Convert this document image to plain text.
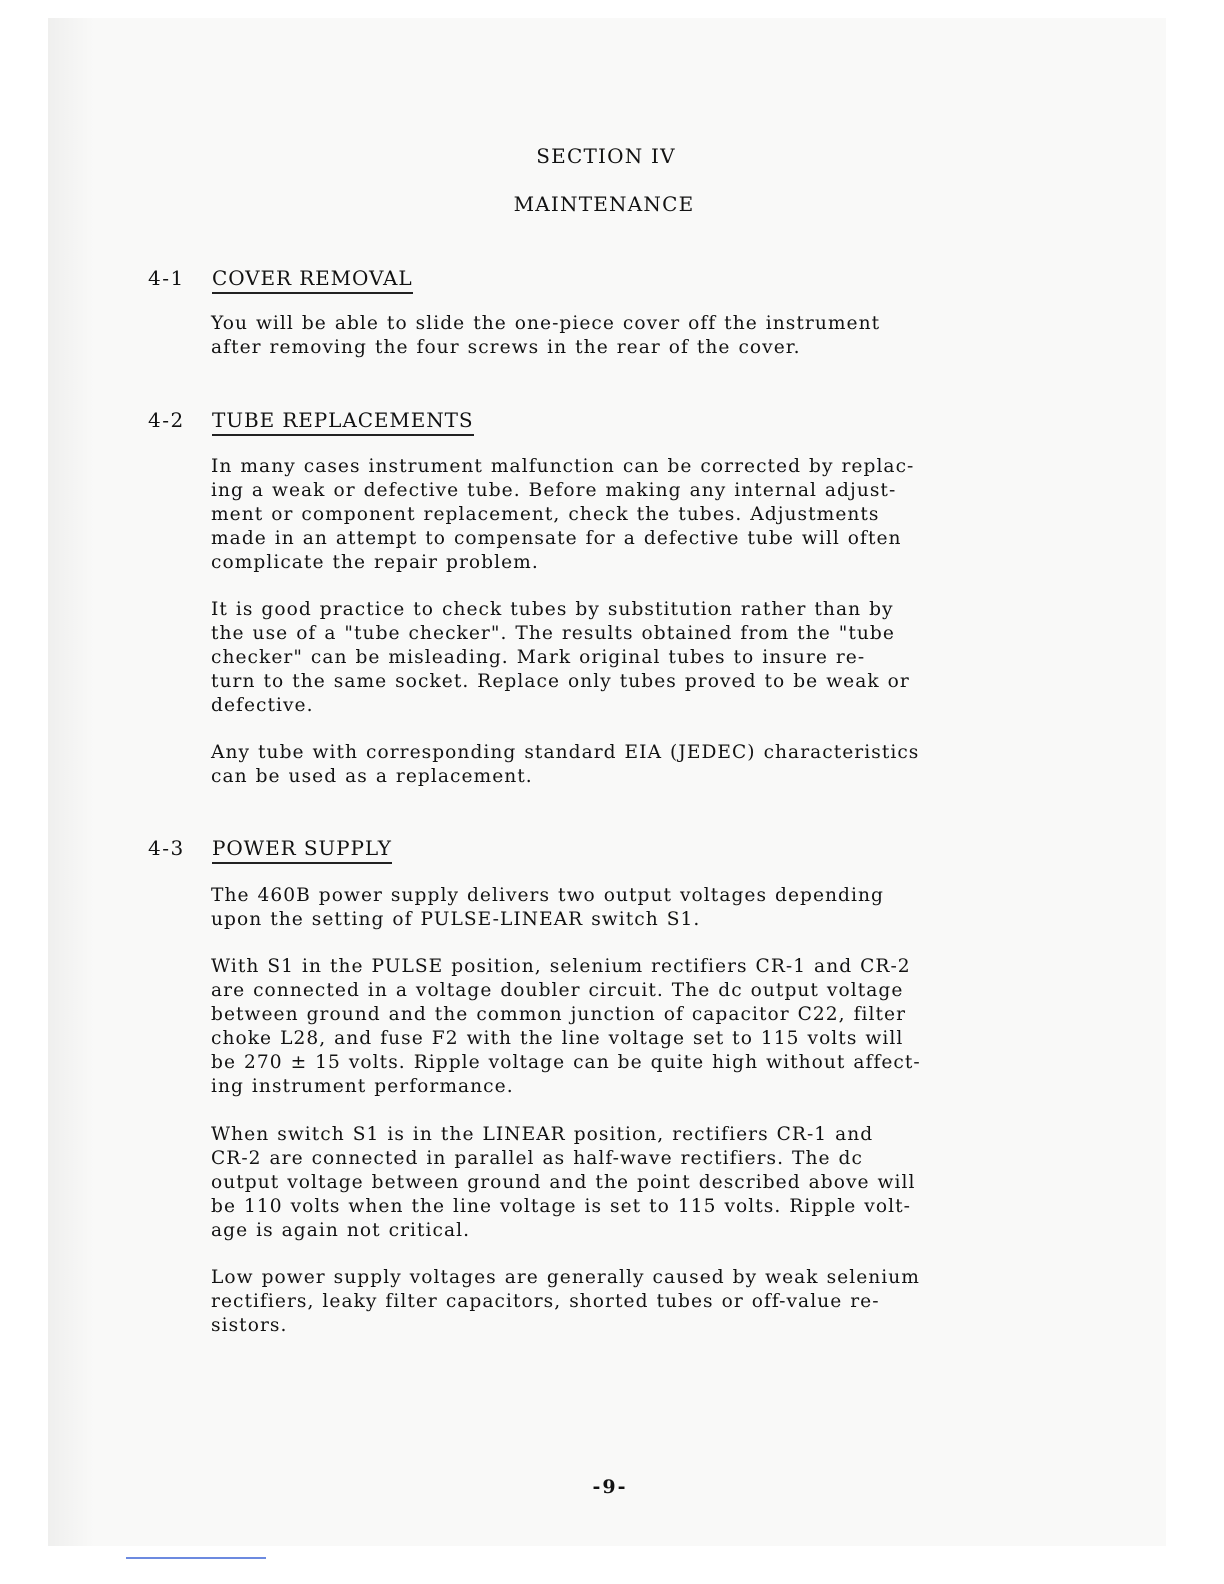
SECTION IV
MAINTENANCE
4-1 COVER REMOVAL
You will be able to slide the one-piece cover off the instrument
after removing the four screws in the rear of the cover.
4-2 TUBE REPLACEMENTS
In many cases instrument malfunction can be corrected by replac-
ing a weak or defective tube. Before making any internal adjust-
ment or component replacement, check the tubes. Adjustments
made in an attempt to compensate for a defective tube will often
complicate the repair problem.
It is good practice to check tubes by substitution rather than by
the use of a "tube checker". The results obtained from the "tube
checker" can be misleading. Mark original tubes to insure re-
turn to the same socket. Replace only tubes proved to be weak or
defective.
Any tube with corresponding standard EIA (JEDEC) characteristics
can be used as a replacement.
4-3 POWER SUPPLY
The 460B power supply delivers two output voltages depending
upon the setting of PULSE-LINEAR switch S1.
With S1 in the PULSE position, selenium rectifiers CR-1 and CR-2
are connected in a voltage doubler circuit. The dc output voltage
between ground and the common junction of capacitor C22, filter
choke L28, and fuse F2 with the line voltage set to 115 volts will
be 270 ± 15 volts. Ripple voltage can be quite high without affect-
ing instrument performance.
When switch S1 is in the LINEAR position, rectifiers CR-1 and
CR-2 are connected in parallel as half-wave rectifiers. The dc
output voltage between ground and the point described above will
be 110 volts when the line voltage is set to 115 volts. Ripple volt-
age is again not critical.
Low power supply voltages are generally caused by weak selenium
rectifiers, leaky filter capacitors, shorted tubes or off-value re-
sistors.
-9-
